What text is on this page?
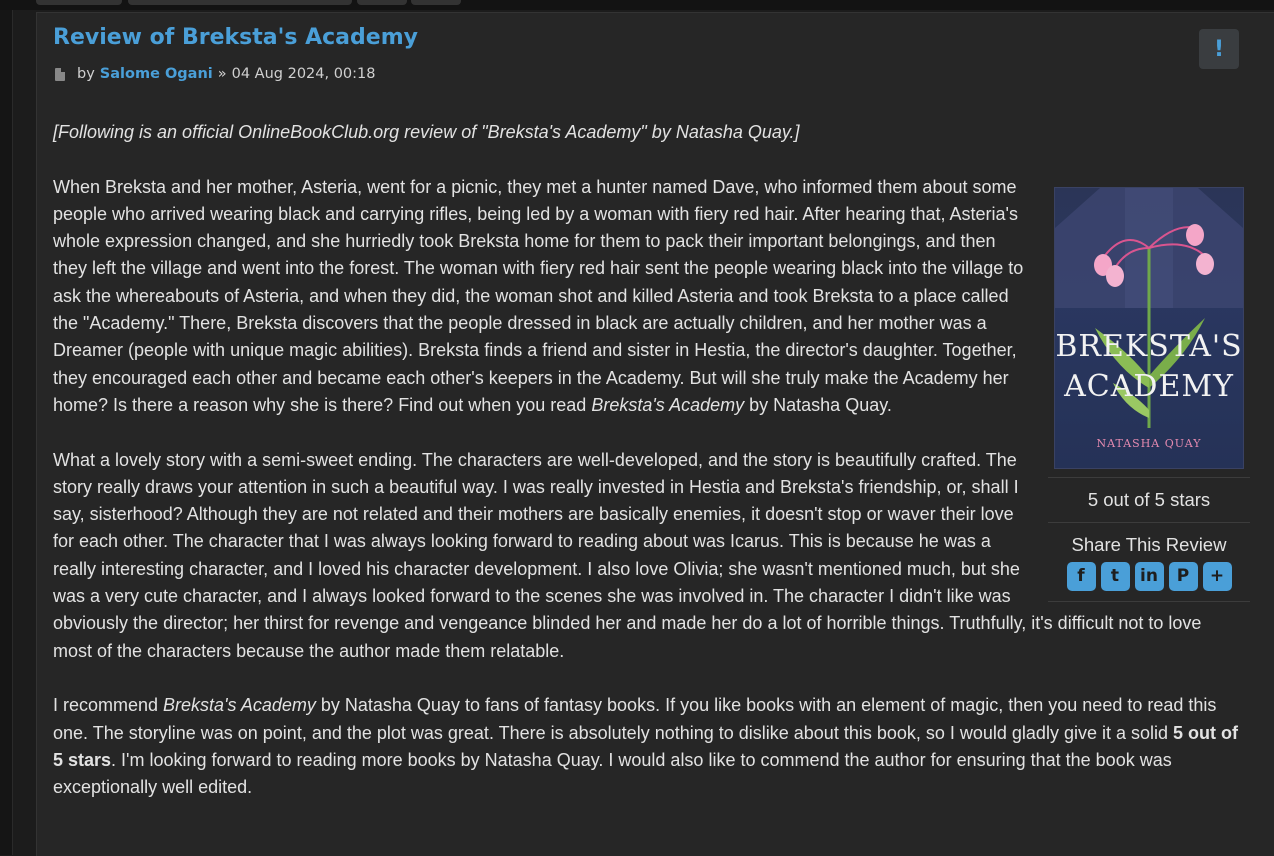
Review of Breksta's Academy
by Salome Ogani » 04 Aug 2024, 00:18
!

[Following is an official OnlineBookClub.org review of "Breksta's Academy" by Natasha Quay.]

BREKSTA'S
ACADEMY
NATASHA QUAY
5 out of 5 stars
Share This Review
f	t	in	P	+

When Breksta and her mother, Asteria, went for a picnic, they met a hunter named Dave, who informed them about some people who arrived wearing black and carrying rifles, being led by a woman with fiery red hair. After hearing that, Asteria's whole expression changed, and she hurriedly took Breksta home for them to pack their important belongings, and then they left the village and went into the forest. The woman with fiery red hair sent the people wearing black into the village to ask the whereabouts of Asteria, and when they did, the woman shot and killed Asteria and took Breksta to a place called the "Academy." There, Breksta discovers that the people dressed in black are actually children, and her mother was a Dreamer (people with unique magic abilities). Breksta finds a friend and sister in Hestia, the director's daughter. Together, they encouraged each other and became each other's keepers in the Academy. But will she truly make the Academy her home? Is there a reason why she is there? Find out when you read Breksta's Academy by Natasha Quay.

What a lovely story with a semi-sweet ending. The characters are well-developed, and the story is beautifully crafted. The story really draws your attention in such a beautiful way. I was really invested in Hestia and Breksta's friendship, or, shall I say, sisterhood? Although they are not related and their mothers are basically enemies, it doesn't stop or waver their love for each other. The character that I was always looking forward to reading about was Icarus. This is because he was a really interesting character, and I loved his character development. I also love Olivia; she wasn't mentioned much, but she was a very cute character, and I always looked forward to the scenes she was involved in. The character I didn't like was obviously the director; her thirst for revenge and vengeance blinded her and made her do a lot of horrible things. Truthfully, it's difficult not to love most of the characters because the author made them relatable.

I recommend Breksta's Academy by Natasha Quay to fans of fantasy books. If you like books with an element of magic, then you need to read this one. The storyline was on point, and the plot was great. There is absolutely nothing to dislike about this book, so I would gladly give it a solid 5 out of 5 stars. I'm looking forward to reading more books by Natasha Quay. I would also like to commend the author for ensuring that the book was exceptionally well edited.
